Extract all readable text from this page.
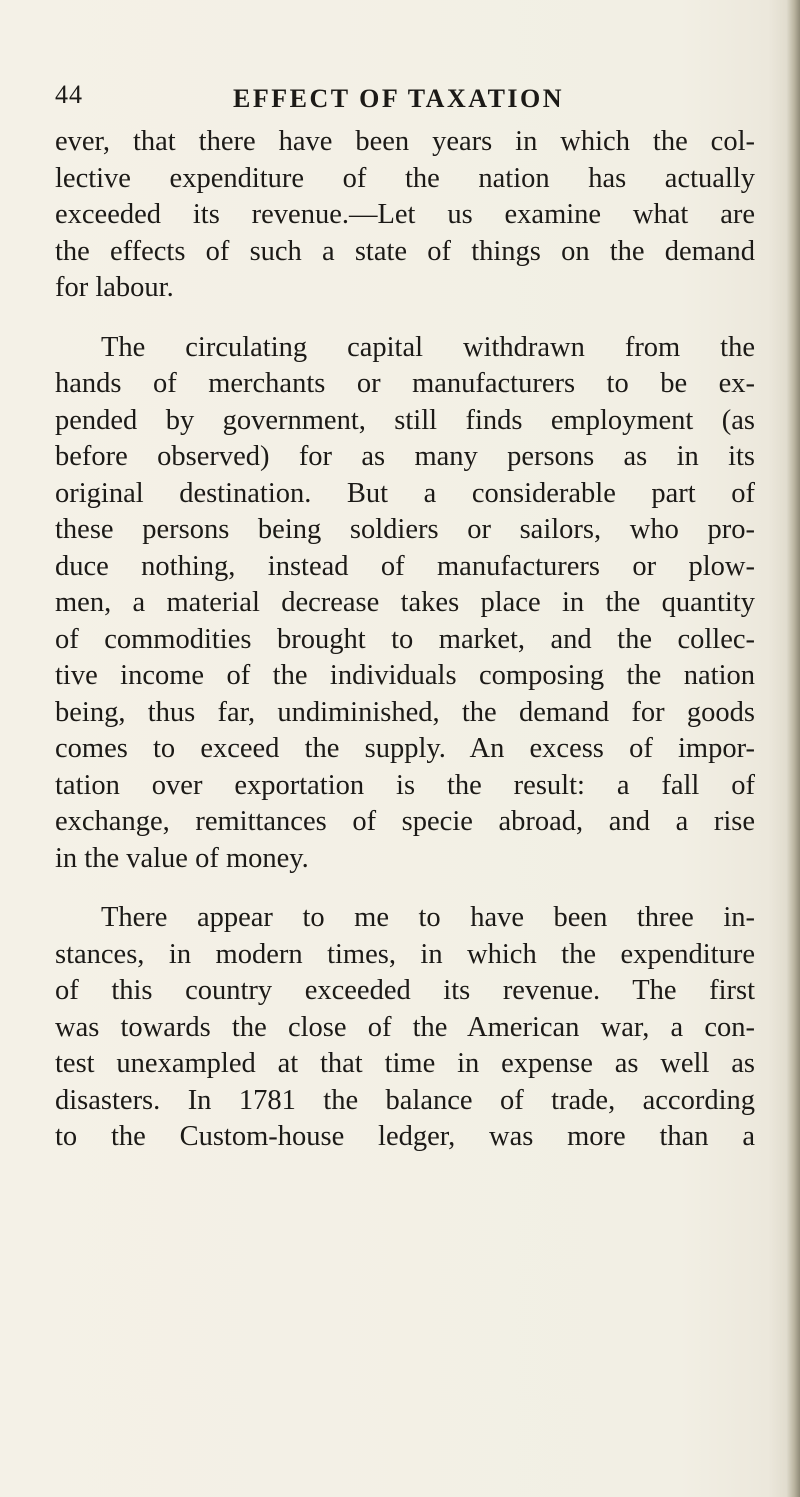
44	EFFECT OF TAXATION

ever, that there have been years in which the col-
lective expenditure of the nation has actually
exceeded its revenue.—Let us examine what are
the effects of such a state of things on the demand
for labour.

The circulating capital withdrawn from the
hands of merchants or manufacturers to be ex-
pended by government, still finds employment (as
before observed) for as many persons as in its
original destination. But a considerable part of
these persons being soldiers or sailors, who pro-
duce nothing, instead of manufacturers or plow-
men, a material decrease takes place in the quantity
of commodities brought to market, and the collec-
tive income of the individuals composing the nation
being, thus far, undiminished, the demand for goods
comes to exceed the supply. An excess of impor-
tation over exportation is the result: a fall of
exchange, remittances of specie abroad, and a rise
in the value of money.

There appear to me to have been three in-
stances, in modern times, in which the expenditure
of this country exceeded its revenue. The first
was towards the close of the American war, a con-
test unexampled at that time in expense as well as
disasters. In 1781 the balance of trade, according
to the Custom-house ledger, was more than a
